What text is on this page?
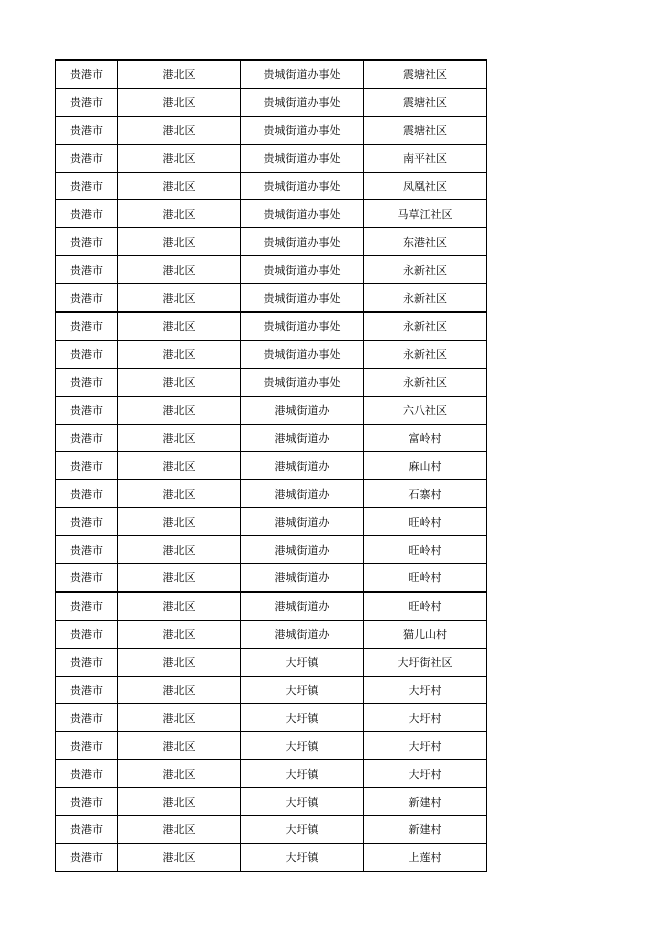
贵港市	港北区	贵城街道办事处	震塘社区
贵港市	港北区	贵城街道办事处	震塘社区
贵港市	港北区	贵城街道办事处	震塘社区
贵港市	港北区	贵城街道办事处	南平社区
贵港市	港北区	贵城街道办事处	凤凰社区
贵港市	港北区	贵城街道办事处	马草江社区
贵港市	港北区	贵城街道办事处	东港社区
贵港市	港北区	贵城街道办事处	永新社区
贵港市	港北区	贵城街道办事处	永新社区
贵港市	港北区	贵城街道办事处	永新社区
贵港市	港北区	贵城街道办事处	永新社区
贵港市	港北区	贵城街道办事处	永新社区
贵港市	港北区	港城街道办	六八社区
贵港市	港北区	港城街道办	富岭村
贵港市	港北区	港城街道办	麻山村
贵港市	港北区	港城街道办	石寨村
贵港市	港北区	港城街道办	旺岭村
贵港市	港北区	港城街道办	旺岭村
贵港市	港北区	港城街道办	旺岭村
贵港市	港北区	港城街道办	旺岭村
贵港市	港北区	港城街道办	猫儿山村
贵港市	港北区	大圩镇	大圩街社区
贵港市	港北区	大圩镇	大圩村
贵港市	港北区	大圩镇	大圩村
贵港市	港北区	大圩镇	大圩村
贵港市	港北区	大圩镇	大圩村
贵港市	港北区	大圩镇	新建村
贵港市	港北区	大圩镇	新建村
贵港市	港北区	大圩镇	上莲村
